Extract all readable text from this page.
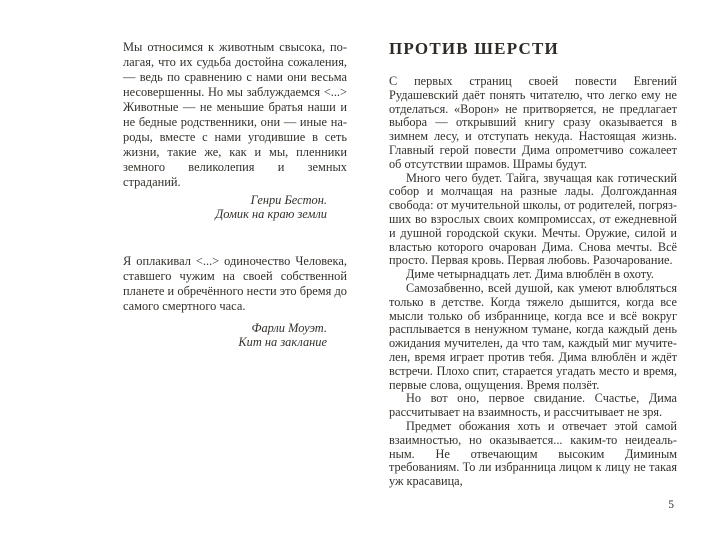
Мы относимся к животным свысока, полагая, что их судьба достойна сожаления, — ведь по сравнению с нами они весьма несовершенны. Но мы заблуждаемся <...> Животные — не меньшие братья наши и не бедные родственники, они — иные народы, вместе с нами угодившие в сеть жизни, такие же, как и мы, пленники земного великолепия и земных страданий.
Генри Бестон.
Домик на краю земли
Я оплакивал <...> одиночество Человека, ставшего чужим на своей собственной планете и обречённого нести это бремя до самого смертного часа.
Фарли Моуэт.
Кит на заклание
ПРОТИВ ШЕРСТИ

С первых страниц своей повести Евгений Рудашевский даёт понять читателю, что легко ему не отделаться. «Ворон» не притворяется, не предлагает выбора — открывший книгу сразу оказывается в зимнем лесу, и отступать некуда. Настоящая жизнь. Главный герой повести Дима опрометчиво сожалеет об отсутствии шрамов. Шрамы будут.

Много чего будет. Тайга, звучащая как готический собор и молчащая на разные лады. Долгожданная свобода: от мучительной школы, от родителей, погрязших во взрослых своих компромиссах, от ежедневной и душной городской скуки. Мечты. Оружие, силой и властью которого очарован Дима. Снова мечты. Всё просто. Первая кровь. Первая любовь. Разочарование.

Диме четырнадцать лет. Дима влюблён в охоту.

Самозабвенно, всей душой, как умеют влюбляться только в детстве. Когда тяжело дышится, когда все мысли только об избраннице, когда все и всё вокруг расплывается в ненужном тумане, когда каждый день ожидания мучителен, да что там, каждый миг мучителен, время играет против тебя. Дима влюблён и ждёт встречи. Плохо спит, старается угадать место и время, первые слова, ощущения. Время ползёт.

Но вот оно, первое свидание. Счастье, Дима рассчитывает на взаимность, и рассчитывает не зря.

Предмет обожания хоть и отвечает этой самой взаимностью, но оказывается... каким-то неидеальным. Не отвечающим высоким Диминым требованиям. То ли избранница лицом к лицу не такая уж красавица,

5
